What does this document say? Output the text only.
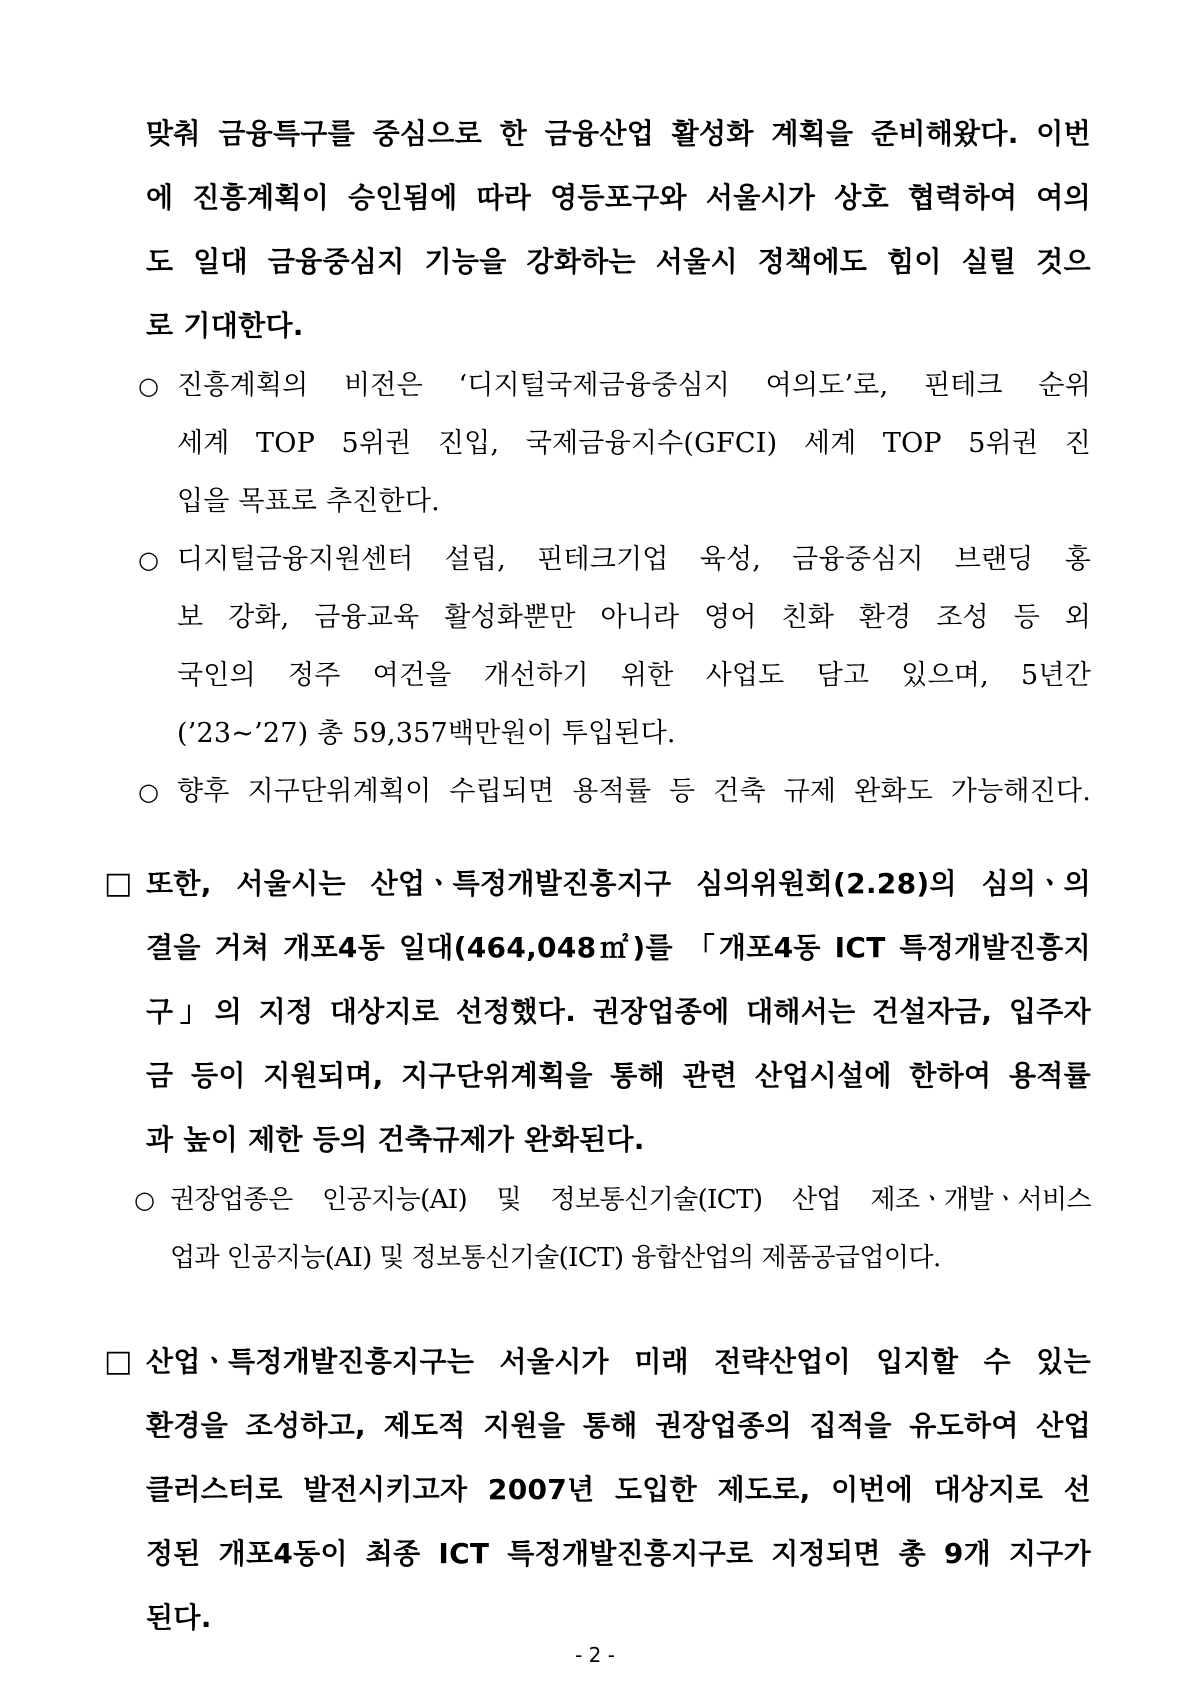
맞춰 금융특구를 중심으로 한 금융산업 활성화 계획을 준비해왔다. 이번
에 진흥계획이 승인됨에 따라 영등포구와 서울시가 상호 협력하여 여의
도 일대 금융중심지 기능을 강화하는 서울시 정책에도 힘이 실릴 것으
로 기대한다.
○ 진흥계획의 비전은 ‘디지털국제금융중심지 여의도’로, 핀테크 순위
세계 TOP 5위권 진입, 국제금융지수(GFCI) 세계 TOP 5위권 진
입을 목표로 추진한다.
○ 디지털금융지원센터 설립, 핀테크기업 육성, 금융중심지 브랜딩 홍
보 강화, 금융교육 활성화뿐만 아니라 영어 친화 환경 조성 등 외
국인의 정주 여건을 개선하기 위한 사업도 담고 있으며, 5년간
(’23~’27) 총 59,357백만원이 투입된다.
○ 향후 지구단위계획이 수립되면 용적률 등 건축 규제 완화도 가능해진다.
□ 또한, 서울시는 산업ㆍ특정개발진흥지구 심의위원회(2.28)의 심의ㆍ의
결을 거쳐 개포4동 일대(464,048㎡)를 「개포4동 ICT 특정개발진흥지
구」의 지정 대상지로 선정했다. 권장업종에 대해서는 건설자금, 입주자
금 등이 지원되며, 지구단위계획을 통해 관련 산업시설에 한하여 용적률
과 높이 제한 등의 건축규제가 완화된다.
○ 권장업종은 인공지능(AI) 및 정보통신기술(ICT) 산업 제조ㆍ개발ㆍ서비스
업과 인공지능(AI) 및 정보통신기술(ICT) 융합산업의 제품공급업이다.
□ 산업ㆍ특정개발진흥지구는 서울시가 미래 전략산업이 입지할 수 있는
환경을 조성하고, 제도적 지원을 통해 권장업종의 집적을 유도하여 산업
클러스터로 발전시키고자 2007년 도입한 제도로, 이번에 대상지로 선
정된 개포4동이 최종 ICT 특정개발진흥지구로 지정되면 총 9개 지구가
된다.
- 2 -
